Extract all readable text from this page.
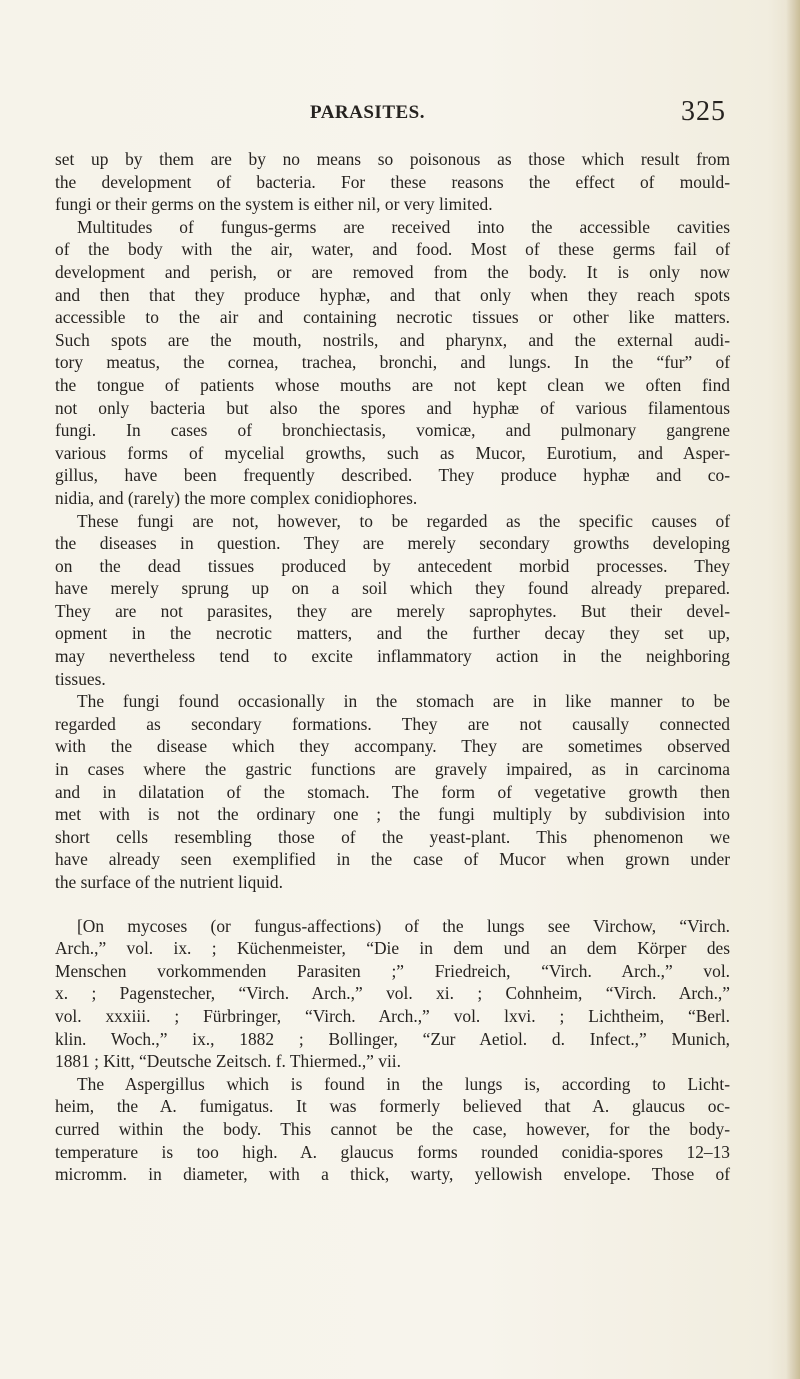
PARASITES.	325
set up by them are by no means so poisonous as those which result from
the development of bacteria. For these reasons the effect of mould-
fungi or their germs on the system is either nil, or very limited.
Multitudes of fungus-germs are received into the accessible cavities
of the body with the air, water, and food. Most of these germs fail of
development and perish, or are removed from the body. It is only now
and then that they produce hyphæ, and that only when they reach spots
accessible to the air and containing necrotic tissues or other like matters.
Such spots are the mouth, nostrils, and pharynx, and the external audi-
tory meatus, the cornea, trachea, bronchi, and lungs. In the “fur” of
the tongue of patients whose mouths are not kept clean we often find
not only bacteria but also the spores and hyphæ of various filamentous
fungi. In cases of bronchiectasis, vomicæ, and pulmonary gangrene
various forms of mycelial growths, such as Mucor, Eurotium, and Asper-
gillus, have been frequently described. They produce hyphæ and co-
nidia, and (rarely) the more complex conidiophores.
These fungi are not, however, to be regarded as the specific causes of
the diseases in question. They are merely secondary growths developing
on the dead tissues produced by antecedent morbid processes. They
have merely sprung up on a soil which they found already prepared.
They are not parasites, they are merely saprophytes. But their devel-
opment in the necrotic matters, and the further decay they set up,
may nevertheless tend to excite inflammatory action in the neighboring
tissues.
The fungi found occasionally in the stomach are in like manner to be
regarded as secondary formations. They are not causally connected
with the disease which they accompany. They are sometimes observed
in cases where the gastric functions are gravely impaired, as in carcinoma
and in dilatation of the stomach. The form of vegetative growth then
met with is not the ordinary one ; the fungi multiply by subdivision into
short cells resembling those of the yeast-plant. This phenomenon we
have already seen exemplified in the case of Mucor when grown under
the surface of the nutrient liquid.
[On mycoses (or fungus-affections) of the lungs see Virchow, “Virch.
Arch.,” vol. ix. ; Küchenmeister, “Die in dem und an dem Körper des
Menschen vorkommenden Parasiten ;” Friedreich, “Virch. Arch.,” vol.
x. ; Pagenstecher, “Virch. Arch.,” vol. xi. ; Cohnheim, “Virch. Arch.,”
vol. xxxiii. ; Fürbringer, “Virch. Arch.,” vol. lxvi. ; Lichtheim, “Berl.
klin. Woch.,” ix., 1882 ; Bollinger, “Zur Aetiol. d. Infect.,” Munich,
1881 ; Kitt, “Deutsche Zeitsch. f. Thiermed.,” vii.
The Aspergillus which is found in the lungs is, according to Licht-
heim, the A. fumigatus. It was formerly believed that A. glaucus oc-
curred within the body. This cannot be the case, however, for the body-
temperature is too high. A. glaucus forms rounded conidia-spores 12–13
micromm. in diameter, with a thick, warty, yellowish envelope. Those of
